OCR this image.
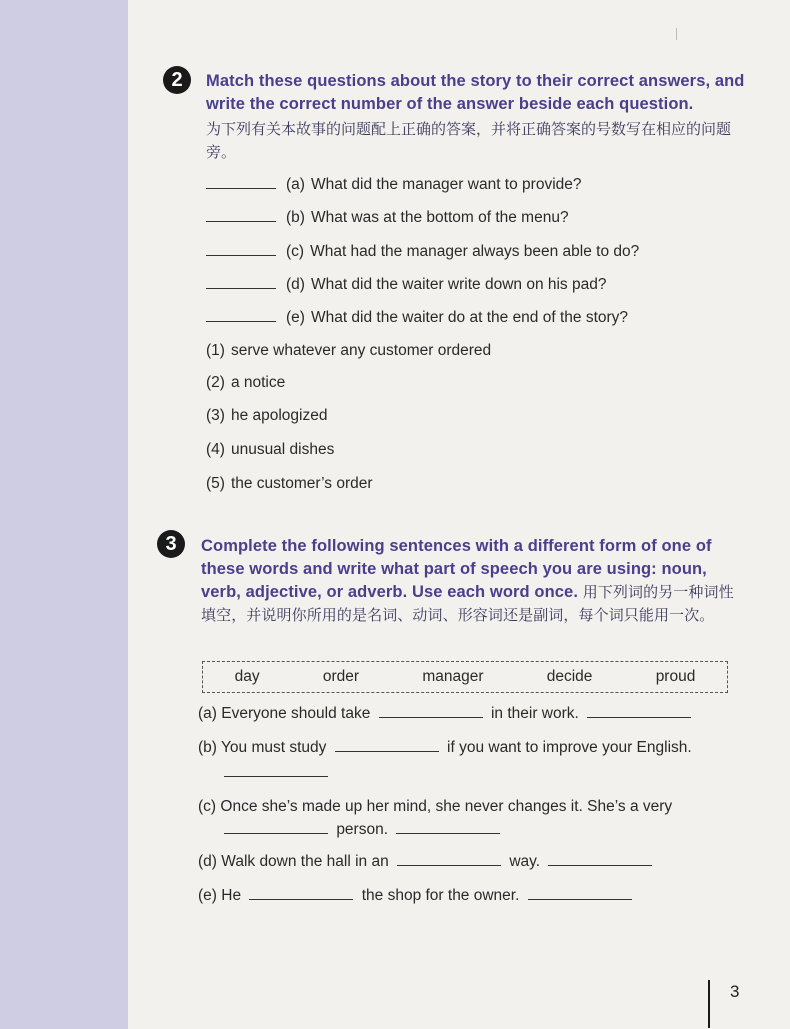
2	Match these questions about the story to their correct answers, and write the correct number of the answer beside each question.
为下列有关本故事的问题配上正确的答案，并将正确答案的号数写在相应的问题旁。
(a) What did the manager want to provide?
(b) What was at the bottom of the menu?
(c) What had the manager always been able to do?
(d) What did the waiter write down on his pad?
(e) What did the waiter do at the end of the story?
(1) serve whatever any customer ordered
(2) a notice
(3) he apologized
(4) unusual dishes
(5) the customer’s order
3	Complete the following sentences with a different form of one of these words and write what part of speech you are using: noun, verb, adjective, or adverb. Use each word once. 用下列词的另一种词性填空，并说明你所用的是名词、动词、形容词还是副词，每个词只能用一次。
day	order	manager	decide	proud
(a) Everyone should take	in their work.
(b) You must study	if you want to improve your English.
(c) Once she’s made up her mind, she never changes it. She’s a very
person.
(d) Walk down the hall in an	way.
(e) He	the shop for the owner.
3
